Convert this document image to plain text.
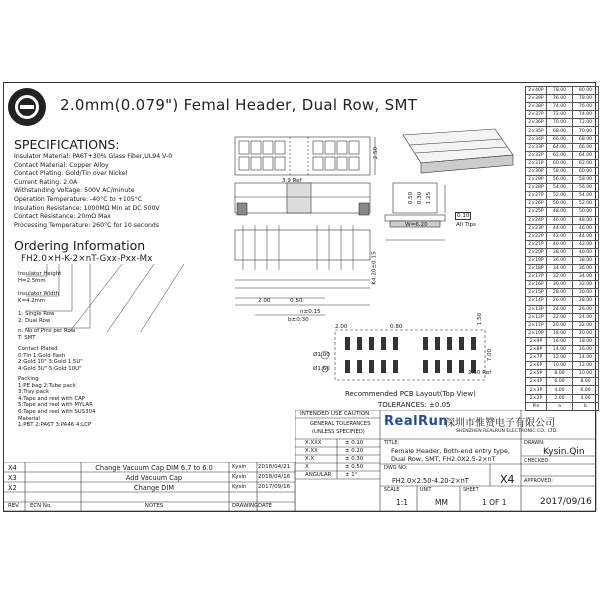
2.0mm(0.079") Femal Header, Dual Row, SMT
SPECIFICATIONS:
Insulator Material: PA6T+30% Glass Fiber,UL94 V-0
Contact Material: Copper Alloy
Contact Plating: Gold/Tin over Nickel
Current Rating: 2.0A
Withstanding Voltage: 500V AC/minute
Operation Temperature: -40°C to +105°C
Insulation Resistance: 1000MΩ Min at DC 500V
Contact Resistance: 20mΩ Max
Processing Temperature: 260°C for 10 seconds
Ordering Information
FH2.0×H-K-2×nT-Gxx-Pxx-Mx
Insulator Height
H=2.5mm
Insulator Width
K=4.2mm
1: Single Row
2: Dual Row
n: No.of Pins per Row
T: SMT
Contact Plated
0:Tin 1:Gold flash
2:Gold 10" 3:Gold 1.5U"
4:Gold 3U" 5:Gold 10U"
Packing
1:PE bag 2:Tube pack
3:Tray pack
4:Tape and reel with CAP
5:Tape and reel with MYLAR
6:Tape and reel with SUS304
Material
1:PBT 2:PA6T 3:PA46 4:LCP
3.9 Ref
2.50
W=6.20
K4.20±0.15
2.00	0.50
n±0.15
b±0.30
2.00	0.80
1.50
7.00
2.50 Ref
Ø1.00
Ø1.60
0.50 0.30 1.25
0.10
All Tips
Recommended PCB Layout(Top View)
TOLERANCES: ±0.05
2×40P	78.00	80.00
2×39P	76.00	78.00
2×38P	74.00	76.00
2×37P	72.00	74.00
2×36P	70.00	72.00
2×35P	68.00	70.00
2×34P	66.00	68.00
2×33P	64.00	66.00
2×32P	62.00	64.00
2×31P	60.00	62.00
2×30P	58.00	60.00
2×29P	56.00	58.00
2×28P	54.00	56.00
2×27P	52.00	54.00
2×26P	50.00	52.00
2×25P	48.00	50.00
2×24P	46.00	48.00
2×23P	44.00	46.00
2×22P	42.00	44.00
2×21P	40.00	42.00
2×20P	38.00	40.00
2×19P	36.00	38.00
2×18P	34.00	36.00
2×17P	32.00	34.00
2×16P	30.00	32.00
2×15P	28.00	30.00
2×14P	26.00	28.00
2×13P	24.00	26.00
2×12P	22.00	24.00
2×11P	20.00	22.00
2×10P	18.00	20.00
2×9P	16.00	18.00
2×8P	14.00	16.00
2×7P	12.00	14.00
2×6P	10.00	12.00
2×5P	8.00	10.00
2×4P	6.00	8.00
2×3P	4.00	6.00
2×2P	2.00	4.00
Pin	a	b
INTENDED USE CAUTION
GENERAL TOLERANCES
(UNLESS SPECIFIED)
X.XXX	± 0.10
X.XX	± 0.20
X.X	± 0.30
X	± 0.50
ANGULAR	± 1°
RealRun
深圳市惟赞电子有限公司
SHENZHEN REALRUN ELECTRONIC CO., LTD.
TITLE:
Female Header, Both-end entry type,
Dual Row, SMT, FH2.0X2.5-2×nT
DWG NO:
FH2.0×2.50-4.20-2×nT	X4
SCALE
1:1
UNIT
MM
SHEET
1 OF 1
DRAWN:
Kysin.Qin
CHECKED:
APPROVED:
2017/09/16
X4	Change Vacuum Cap DIM 6.7 to 6.0	Kysin 2018/04/21
X3	Add Vacuum Cap	Kysin 2018/04/16
X2	Change DIM	Kysin 2017/09/16
REV. ECN No.	NOTES	DRAWING DATE
